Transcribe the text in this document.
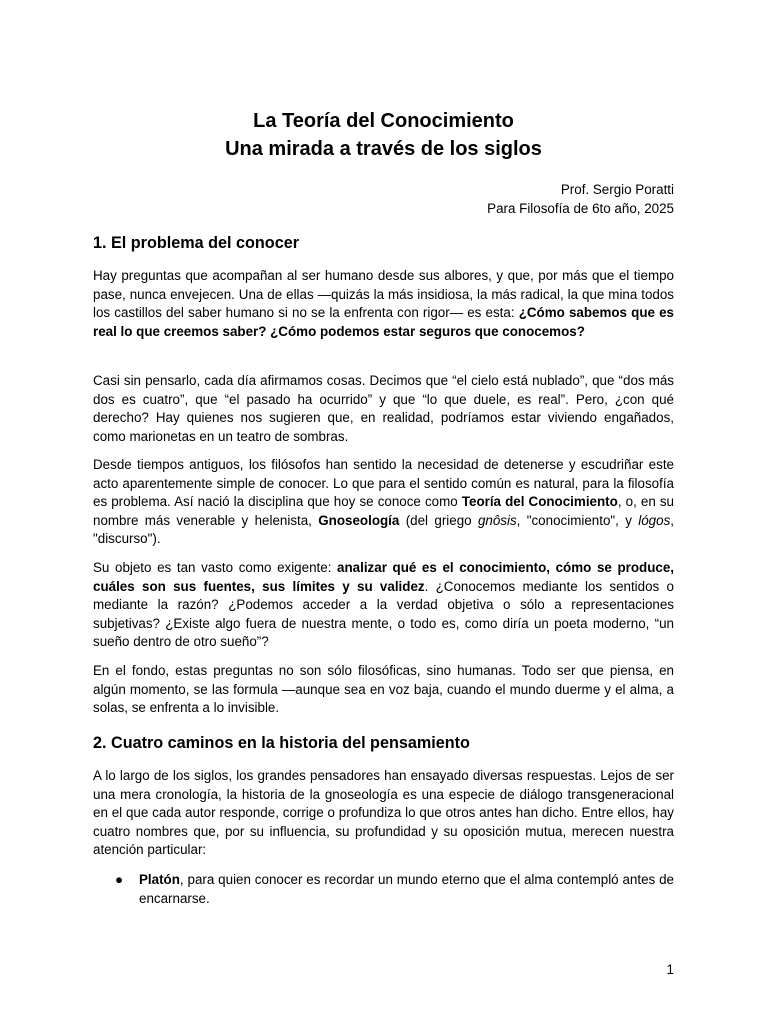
La Teoría del Conocimiento
Una mirada a través de los siglos
Prof. Sergio Poratti
Para Filosofía de 6to año, 2025
1. El problema del conocer
Hay preguntas que acompañan al ser humano desde sus albores, y que, por más que el tiempo pase, nunca envejecen. Una de ellas —quizás la más insidiosa, la más radical, la que mina todos los castillos del saber humano si no se la enfrenta con rigor— es esta: ¿Cómo sabemos que es real lo que creemos saber? ¿Cómo podemos estar seguros que conocemos?
Casi sin pensarlo, cada día afirmamos cosas. Decimos que “el cielo está nublado”, que “dos más dos es cuatro”, que “el pasado ha ocurrido” y que “lo que duele, es real”. Pero, ¿con qué derecho? Hay quienes nos sugieren que, en realidad, podríamos estar viviendo engañados, como marionetas en un teatro de sombras.
Desde tiempos antiguos, los filósofos han sentido la necesidad de detenerse y escudriñar este acto aparentemente simple de conocer. Lo que para el sentido común es natural, para la filosofía es problema. Así nació la disciplina que hoy se conoce como Teoría del Conocimiento, o, en su nombre más venerable y helenista, Gnoseología (del griego gnôsis, "conocimiento", y lógos, "discurso").
Su objeto es tan vasto como exigente: analizar qué es el conocimiento, cómo se produce, cuáles son sus fuentes, sus límites y su validez. ¿Conocemos mediante los sentidos o mediante la razón? ¿Podemos acceder a la verdad objetiva o sólo a representaciones subjetivas? ¿Existe algo fuera de nuestra mente, o todo es, como diría un poeta moderno, “un sueño dentro de otro sueño”?
En el fondo, estas preguntas no son sólo filosóficas, sino humanas. Todo ser que piensa, en algún momento, se las formula —aunque sea en voz baja, cuando el mundo duerme y el alma, a solas, se enfrenta a lo invisible.
2. Cuatro caminos en la historia del pensamiento
A lo largo de los siglos, los grandes pensadores han ensayado diversas respuestas. Lejos de ser una mera cronología, la historia de la gnoseología es una especie de diálogo transgeneracional en el que cada autor responde, corrige o profundiza lo que otros antes han dicho. Entre ellos, hay cuatro nombres que, por su influencia, su profundidad y su oposición mutua, merecen nuestra atención particular:
● Platón, para quien conocer es recordar un mundo eterno que el alma contempló antes de encarnarse.
1
